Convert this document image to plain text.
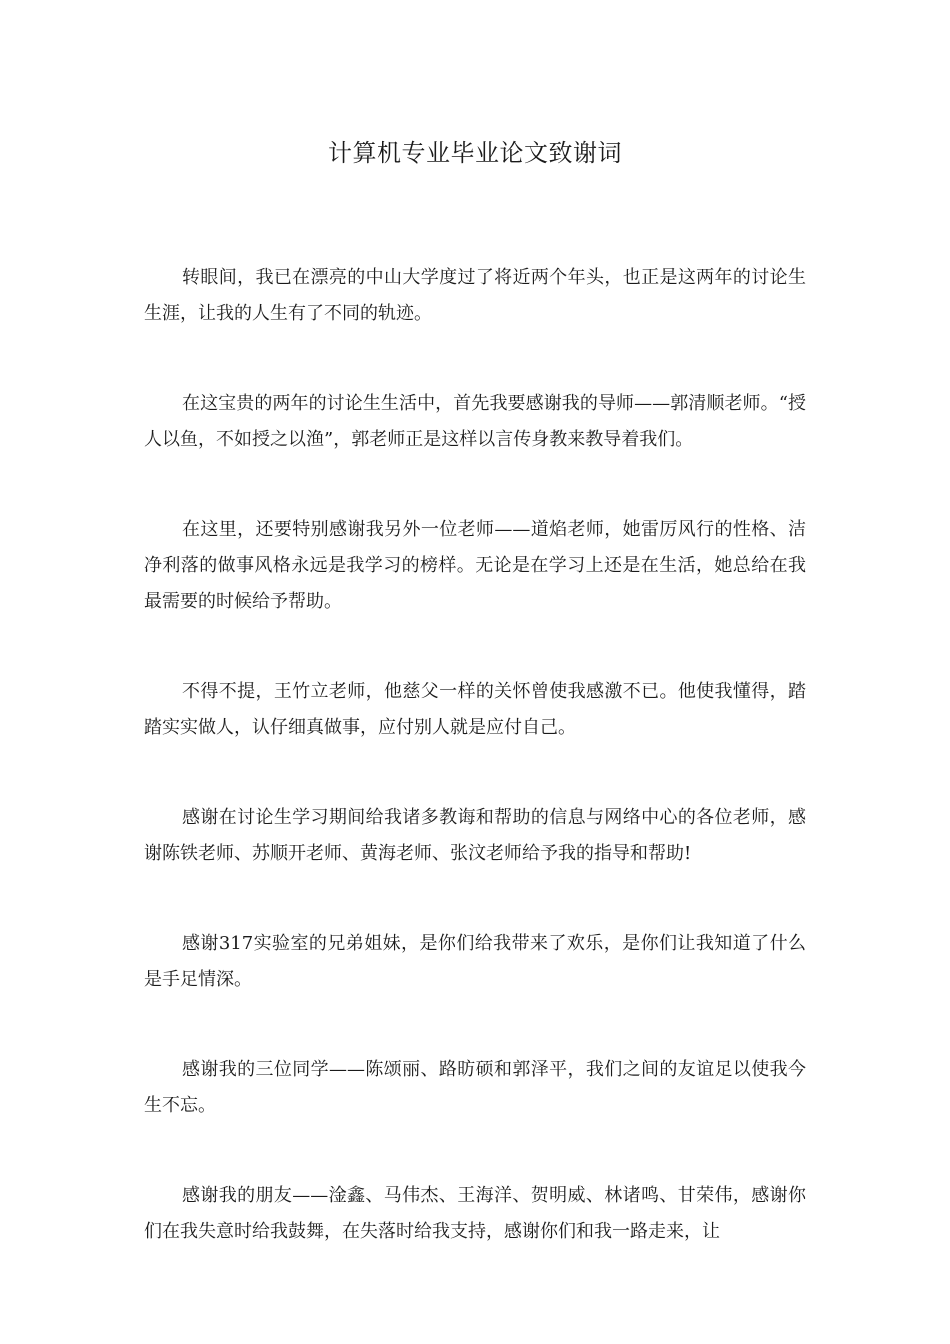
计算机专业毕业论文致谢词

转眼间，我已在漂亮的中山大学度过了将近两个年头，也正是这两年的讨论生生涯，让我的人生有了不同的轨迹。

在这宝贵的两年的讨论生生活中，首先我要感谢我的导师——郭清顺老师。“授人以鱼，不如授之以渔”，郭老师正是这样以言传身教来教导着我们。

在这里，还要特别感谢我另外一位老师——道焰老师，她雷厉风行的性格、洁净利落的做事风格永远是我学习的榜样。无论是在学习上还是在生活，她总给在我最需要的时候给予帮助。

不得不提，王竹立老师，他慈父一样的关怀曾使我感激不已。他使我懂得，踏踏实实做人，认仔细真做事，应付别人就是应付自己。

感谢在讨论生学习期间给我诸多教诲和帮助的信息与网络中心的各位老师，感谢陈铁老师、苏顺开老师、黄海老师、张汶老师给予我的指导和帮助!

感谢317实验室的兄弟姐妹，是你们给我带来了欢乐，是你们让我知道了什么是手足情深。

感谢我的三位同学——陈颂丽、路昉硕和郭泽平，我们之间的友谊足以使我今生不忘。

感谢我的朋友——淦鑫、马伟杰、王海洋、贺明威、林诸鸣、甘荣伟，感谢你们在我失意时给我鼓舞，在失落时给我支持，感谢你们和我一路走来，让
